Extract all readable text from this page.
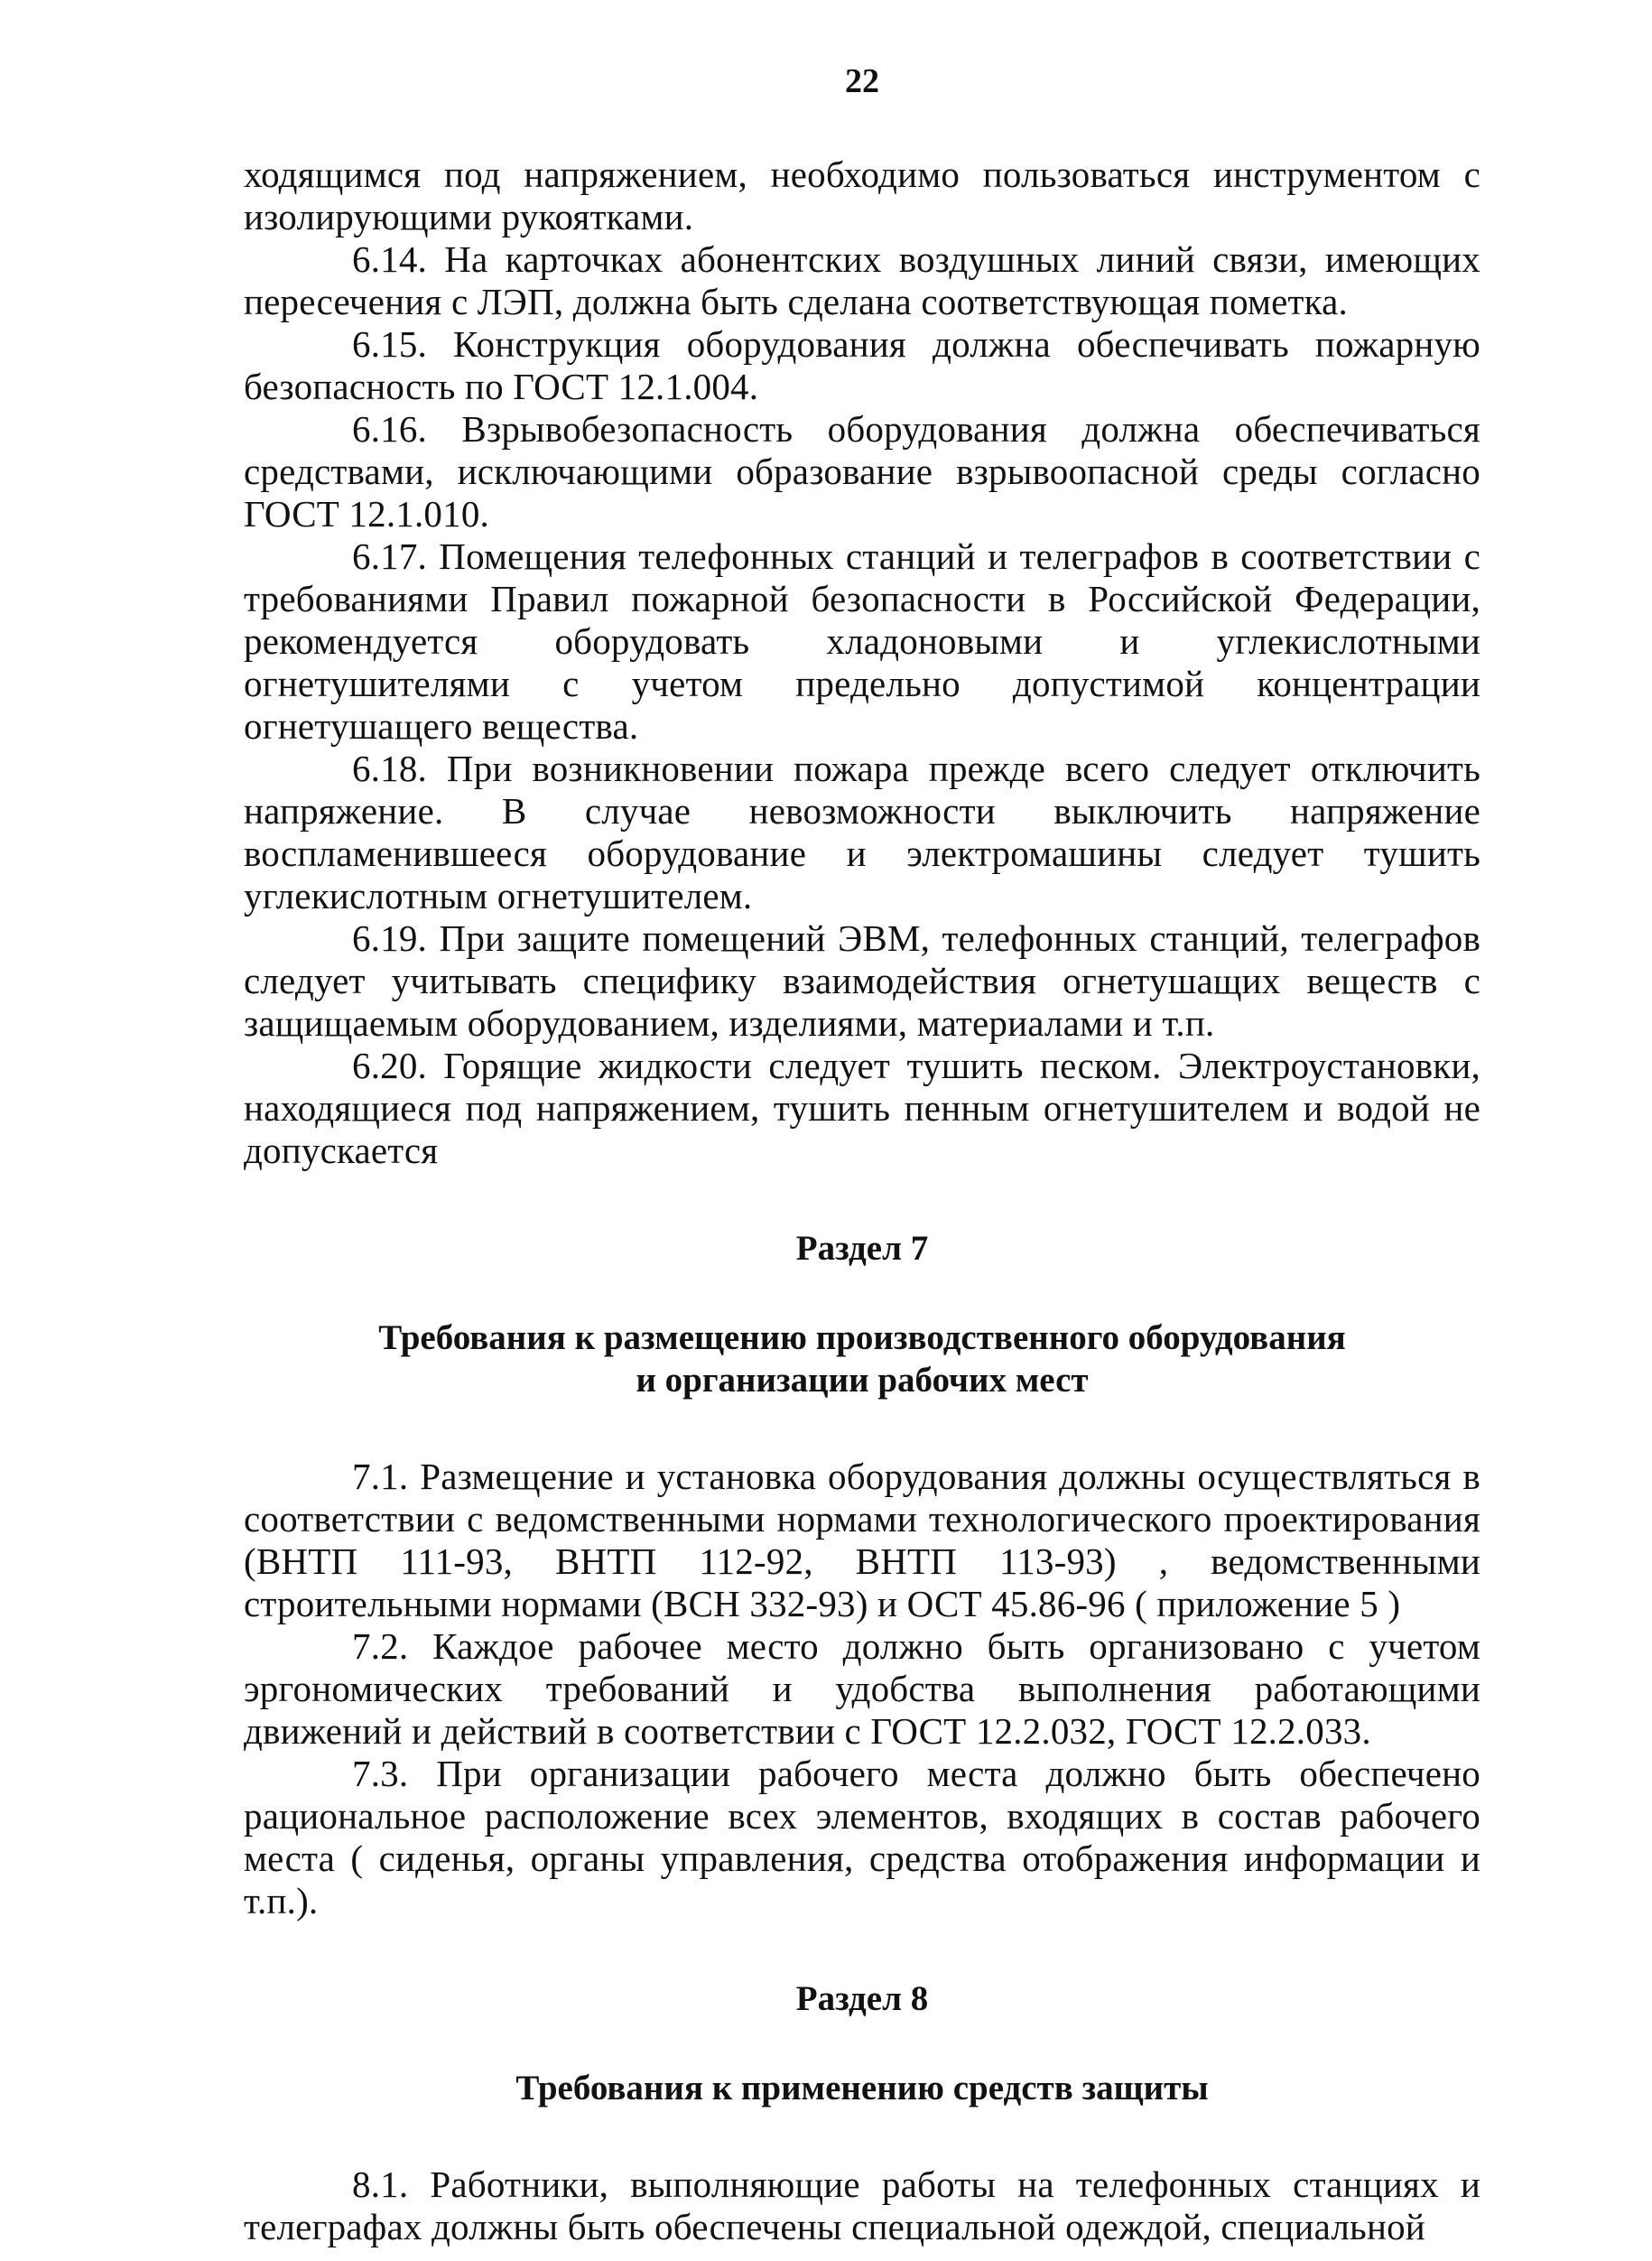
22

ходящимся под напряжением, необходимо пользоваться инструментом с изолирующими рукоятками.

6.14. На карточках абонентских воздушных линий связи, имеющих пересечения с ЛЭП, должна быть сделана соответствующая пометка.

6.15. Конструкция оборудования должна обеспечивать пожарную безопасность по ГОСТ 12.1.004.

6.16. Взрывобезопасность оборудования должна обеспечиваться средствами, исключающими образование взрывоопасной среды согласно ГОСТ 12.1.010.

6.17. Помещения телефонных станций и телеграфов в соответствии с требованиями Правил пожарной безопасности в Российской Федерации, рекомендуется оборудовать хладоновыми и углекислотными огнетушителями с учетом предельно допустимой концентрации огнетушащего вещества.

6.18. При возникновении пожара прежде всего следует отключить напряжение. В случае невозможности выключить напряжение воспламенившееся оборудование и электромашины следует тушить углекислотным огнетушителем.

6.19. При защите помещений ЭВМ, телефонных станций, телеграфов следует учитывать специфику взаимодействия огнетушащих веществ с защищаемым оборудованием, изделиями, материалами и т.п.

6.20. Горящие жидкости следует тушить песком. Электроустановки, находящиеся под напряжением, тушить пенным огнетушителем и водой не допускается

Раздел 7
Требования к размещению производственного оборудования
и организации рабочих мест

7.1. Размещение и установка оборудования должны осуществляться в соответствии с ведомственными нормами технологического проектирования (ВНТП 111-93, ВНТП 112-92, ВНТП 113-93) , ведомственными строительными нормами (ВСН 332-93) и ОСТ 45.86-96 ( приложение 5 )

7.2. Каждое рабочее место должно быть организовано с учетом эргономических требований и удобства выполнения работающими движений и действий в соответствии с ГОСТ 12.2.032, ГОСТ 12.2.033.

7.3. При организации рабочего места должно быть обеспечено рациональное расположение всех элементов, входящих в состав рабочего места ( сиденья, органы управления, средства отображения информации и т.п.).

Раздел 8
Требования к применению средств защиты

8.1. Работники, выполняющие работы на телефонных станциях и телеграфах должны быть обеспечены специальной одеждой, специальной
